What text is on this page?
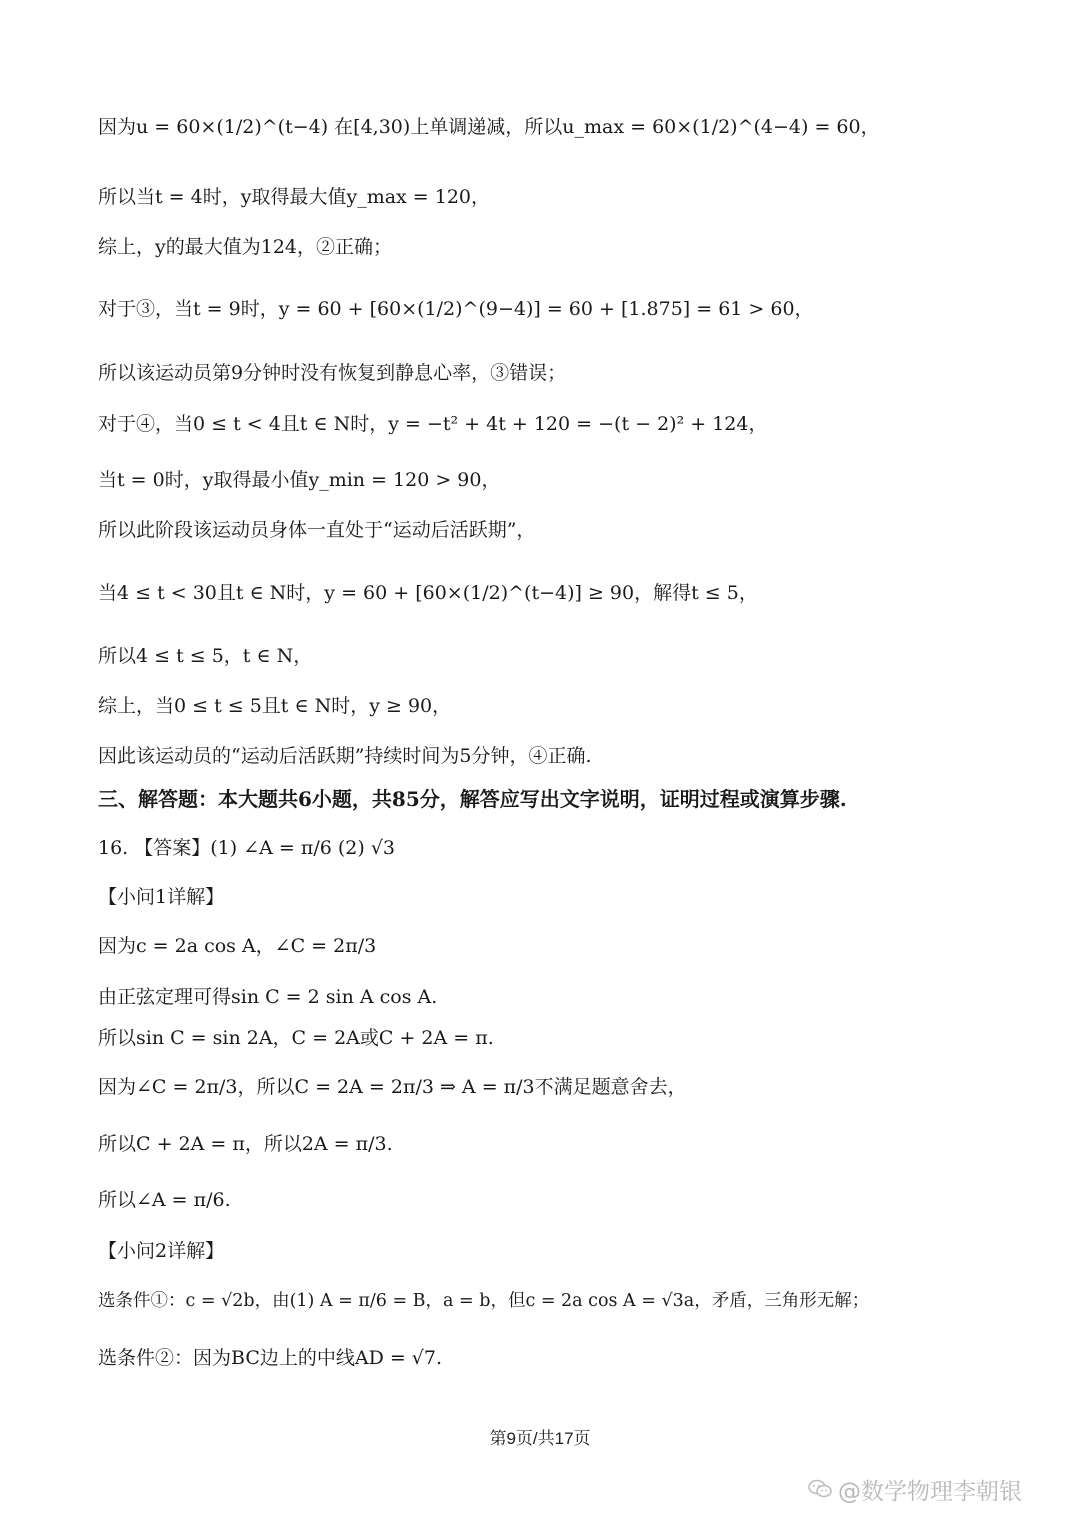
因为u = 60×(1/2)^(t−4) 在[4,30)上单调递减，所以u_max = 60×(1/2)^(4−4) = 60，
所以当t = 4时，y取得最大值y_max = 120，
综上，y的最大值为124，②正确；
对于③，当t = 9时，y = 60 + [60×(1/2)^(9−4)] = 60 + [1.875] = 61 > 60，
所以该运动员第9分钟时没有恢复到静息心率，③错误；
对于④，当0 ≤ t < 4且t ∈ N时，y = −t² + 4t + 120 = −(t − 2)² + 124，
当t = 0时，y取得最小值y_min = 120 > 90，
所以此阶段该运动员身体一直处于“运动后活跃期”，
当4 ≤ t < 30且t ∈ N时，y = 60 + [60×(1/2)^(t−4)] ≥ 90，解得t ≤ 5，
所以4 ≤ t ≤ 5，t ∈ N，
综上，当0 ≤ t ≤ 5且t ∈ N时，y ≥ 90，
因此该运动员的“运动后活跃期”持续时间为5分钟，④正确.
三、解答题：本大题共6小题，共85分，解答应写出文字说明，证明过程或演算步骤.
16. 【答案】(1) ∠A = π/6 (2) √3
【小问1详解】
因为c = 2a cos A，∠C = 2π/3
由正弦定理可得sin C = 2 sin A cos A.
所以sin C = sin 2A，C = 2A或C + 2A = π.
因为∠C = 2π/3，所以C = 2A = 2π/3 ⇒ A = π/3不满足题意舍去，
所以C + 2A = π，所以2A = π/3.
所以∠A = π/6.
【小问2详解】
选条件①：c = √2b，由(1) A = π/6 = B，a = b，但c = 2a cos A = √3a，矛盾，三角形无解；
选条件②：因为BC边上的中线AD = √7.
第9页/共17页
@数学物理李朝银
